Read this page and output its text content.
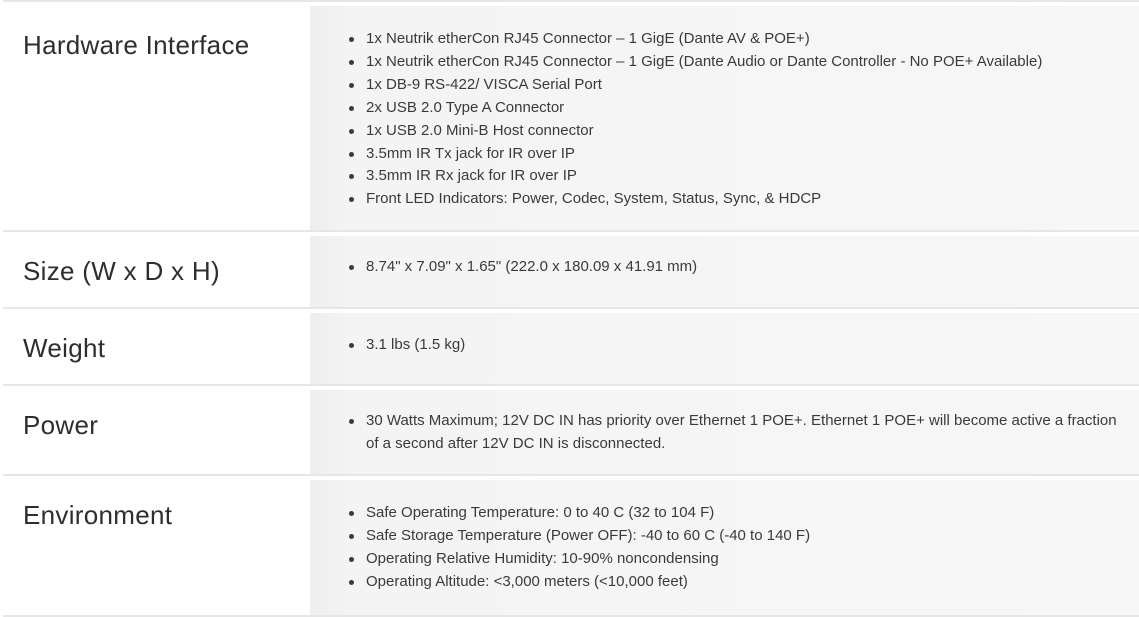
Hardware Interface	1x Neutrik etherCon RJ45 Connector – 1 GigE (Dante AV & POE+)
1x Neutrik etherCon RJ45 Connector – 1 GigE (Dante Audio or Dante Controller - No POE+ Available)
1x DB-9 RS-422/ VISCA Serial Port
2x USB 2.0 Type A Connector
1x USB 2.0 Mini-B Host connector
3.5mm IR Tx jack for IR over IP
3.5mm IR Rx jack for IR over IP
Front LED Indicators: Power, Codec, System, Status, Sync, & HDCP
Size (W x D x H)	8.74" x 7.09" x 1.65" (222.0 x 180.09 x 41.91 mm)
Weight	3.1 lbs (1.5 kg)
Power	30 Watts Maximum; 12V DC IN has priority over Ethernet 1 POE+. Ethernet 1 POE+ will become active a fraction of a second after 12V DC IN is disconnected.
Environment	Safe Operating Temperature: 0 to 40 C (32 to 104 F)
Safe Storage Temperature (Power OFF): -40 to 60 C (-40 to 140 F)
Operating Relative Humidity: 10-90% noncondensing
Operating Altitude: <3,000 meters (<10,000 feet)
